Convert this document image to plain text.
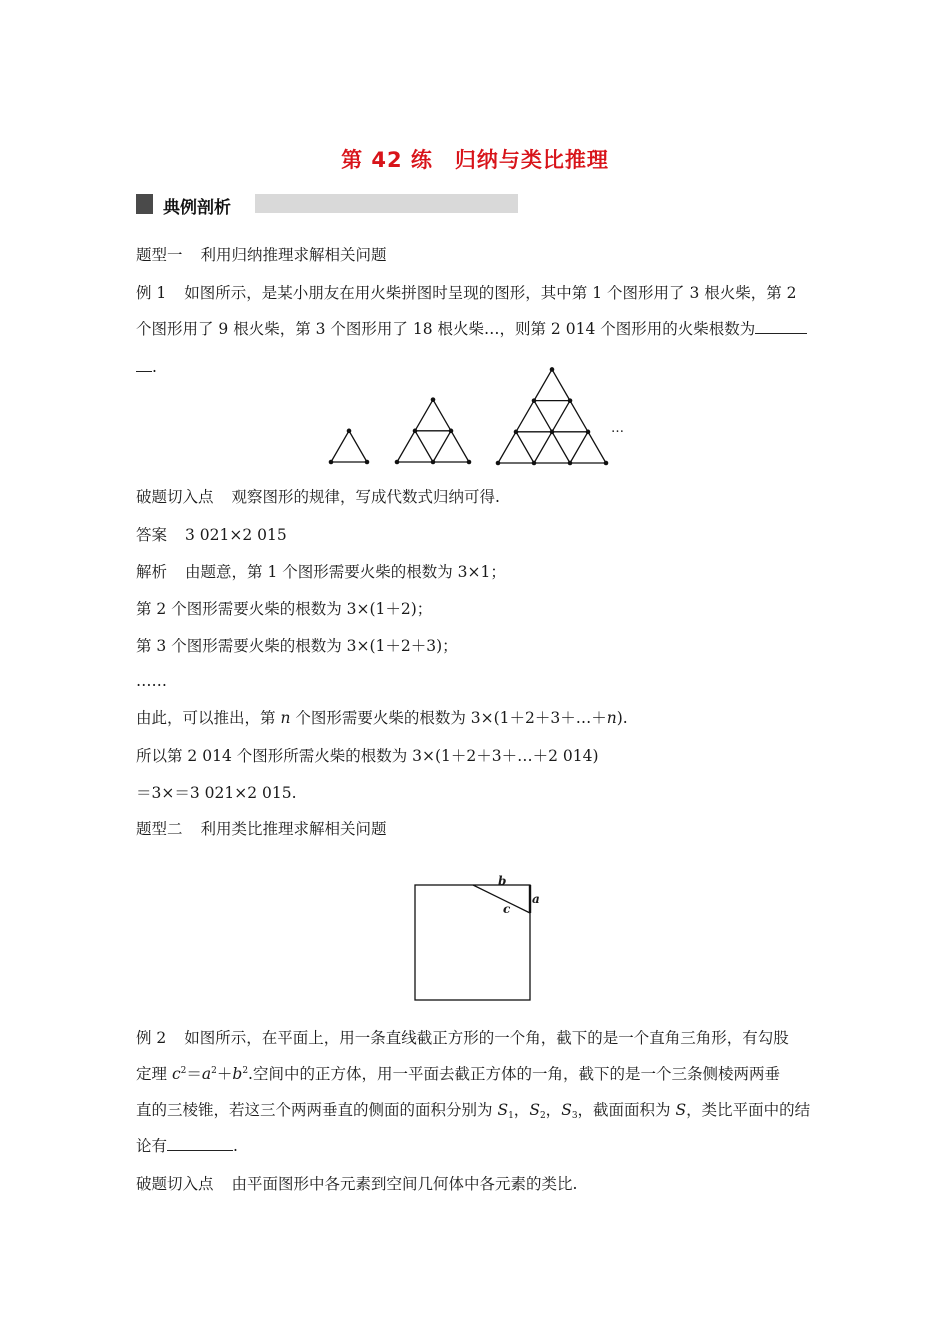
第 42 练　归纳与类比推理
典例剖析
题型一 利用归纳推理求解相关问题
例 1 如图所示，是某小朋友在用火柴拼图时呈现的图形，其中第 1 个图形用了 3 根火柴，第 2
个图形用了 9 根火柴，第 3 个图形用了 18 根火柴…，则第 2 014 个图形用的火柴根数为
.
…
破题切入点 观察图形的规律，写成代数式归纳可得.
答案 3 021×2 015
解析 由题意，第 1 个图形需要火柴的根数为 3×1；
第 2 个图形需要火柴的根数为 3×(1＋2)；
第 3 个图形需要火柴的根数为 3×(1＋2＋3)；
……
由此，可以推出，第 n 个图形需要火柴的根数为 3×(1＋2＋3＋…＋n).
所以第 2 014 个图形所需火柴的根数为 3×(1＋2＋3＋…＋2 014)
＝3×＝3 021×2 015.
题型二 利用类比推理求解相关问题
b
c
a
例 2 如图所示，在平面上，用一条直线截正方形的一个角，截下的是一个直角三角形，有勾股
定理 $c^2=a^2+b^2$.空间中的正方体，用一平面去截正方体的一角，截下的是一个三条侧棱两两垂
直的三棱锥，若这三个两两垂直的侧面的面积分别为 $S_1$，$S_2$，$S_3$，截面面积为 S，类比平面中的结
论有	.
破题切入点 由平面图形中各元素到空间几何体中各元素的类比.
